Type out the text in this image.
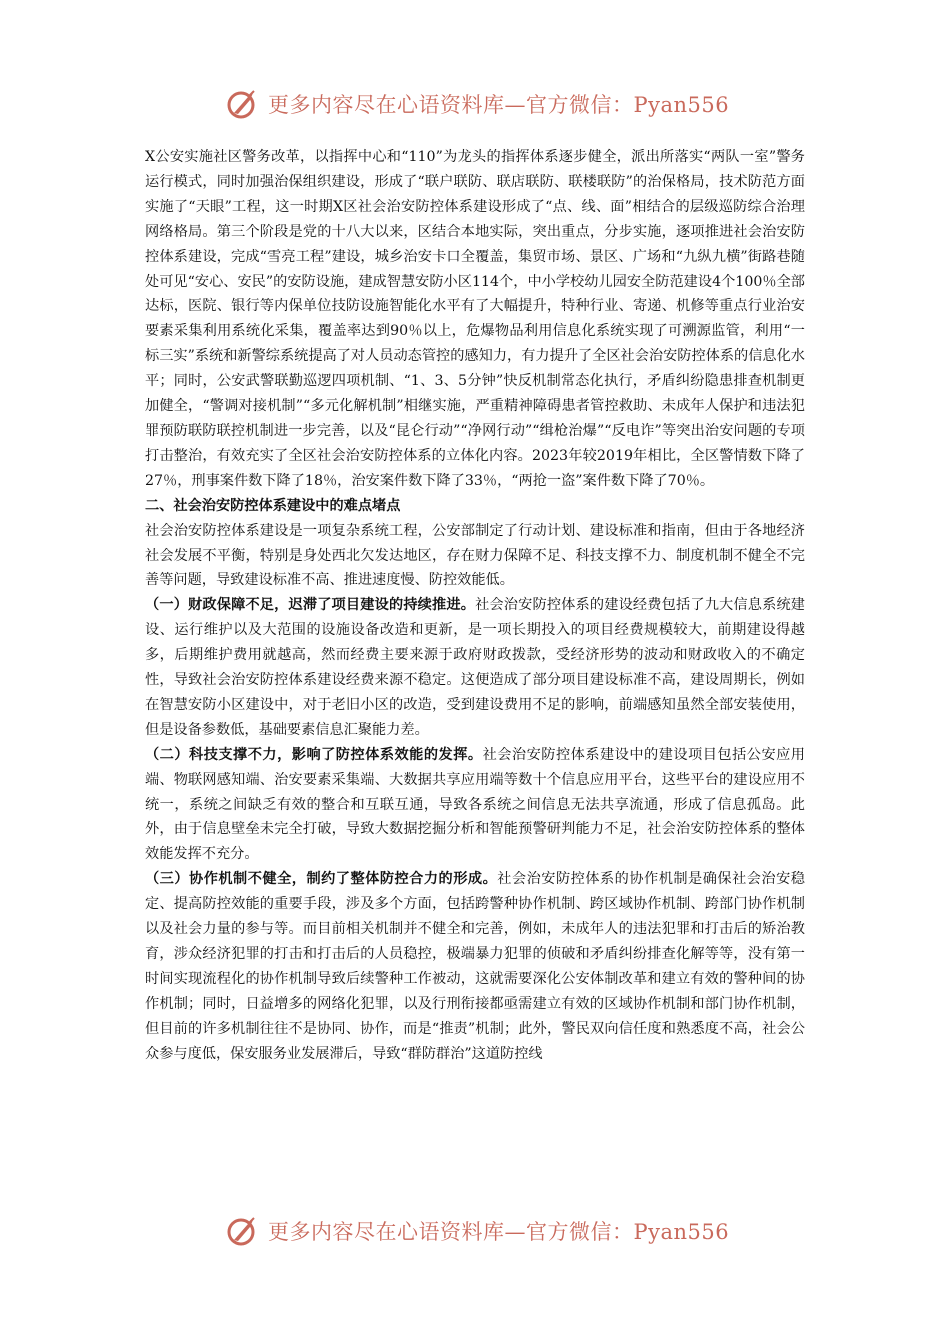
更多内容尽在心语资料库—官方微信：Pyan556

X公安实施社区警务改革，以指挥中心和“110”为龙头的指挥体系逐步健全，派出所落实“两队一室”警务运行模式，同时加强治保组织建设，形成了“联户联防、联店联防、联楼联防”的治保格局，技术防范方面实施了“天眼”工程，这一时期X区社会治安防控体系建设形成了“点、线、面”相结合的层级巡防综合治理网络格局。第三个阶段是党的十八大以来，区结合本地实际，突出重点，分步实施，逐项推进社会治安防控体系建设，完成“雪亮工程”建设，城乡治安卡口全覆盖，集贸市场、景区、广场和“九纵九横”街路巷随处可见“安心、安民”的安防设施，建成智慧安防小区114个，中小学校幼儿园安全防范建设4个100％全部达标，医院、银行等内保单位技防设施智能化水平有了大幅提升，特种行业、寄递、机修等重点行业治安要素采集利用系统化采集，覆盖率达到90％以上，危爆物品利用信息化系统实现了可溯源监管，利用“一标三实”系统和新警综系统提高了对人员动态管控的感知力，有力提升了全区社会治安防控体系的信息化水平；同时，公安武警联勤巡逻四项机制、“1、3、5分钟”快反机制常态化执行，矛盾纠纷隐患排查机制更加健全，“警调对接机制”“多元化解机制”相继实施，严重精神障碍患者管控救助、未成年人保护和违法犯罪预防联防联控机制进一步完善，以及“昆仑行动”“净网行动”“缉枪治爆”“反电诈”等突出治安问题的专项打击整治，有效充实了全区社会治安防控体系的立体化内容。2023年较2019年相比，全区警情数下降了27％，刑事案件数下降了18％，治安案件数下降了33％，“两抢一盗”案件数下降了70％。

二、社会治安防控体系建设中的难点堵点

社会治安防控体系建设是一项复杂系统工程，公安部制定了行动计划、建设标准和指南，但由于各地经济社会发展不平衡，特别是身处西北欠发达地区，存在财力保障不足、科技支撑不力、制度机制不健全不完善等问题，导致建设标准不高、推进速度慢、防控效能低。

（一）财政保障不足，迟滞了项目建设的持续推进。社会治安防控体系的建设经费包括了九大信息系统建设、运行维护以及大范围的设施设备改造和更新，是一项长期投入的项目经费规模较大，前期建设得越多，后期维护费用就越高，然而经费主要来源于政府财政拨款，受经济形势的波动和财政收入的不确定性，导致社会治安防控体系建设经费来源不稳定。这便造成了部分项目建设标准不高，建设周期长，例如在智慧安防小区建设中，对于老旧小区的改造，受到建设费用不足的影响，前端感知虽然全部安装使用，但是设备参数低，基础要素信息汇聚能力差。

（二）科技支撑不力，影响了防控体系效能的发挥。社会治安防控体系建设中的建设项目包括公安应用端、物联网感知端、治安要素采集端、大数据共享应用端等数十个信息应用平台，这些平台的建设应用不统一，系统之间缺乏有效的整合和互联互通，导致各系统之间信息无法共享流通，形成了信息孤岛。此外，由于信息壁垒未完全打破，导致大数据挖掘分析和智能预警研判能力不足，社会治安防控体系的整体效能发挥不充分。

（三）协作机制不健全，制约了整体防控合力的形成。社会治安防控体系的协作机制是确保社会治安稳定、提高防控效能的重要手段，涉及多个方面，包括跨警种协作机制、跨区域协作机制、跨部门协作机制以及社会力量的参与等。而目前相关机制并不健全和完善，例如，未成年人的违法犯罪和打击后的矫治教育，涉众经济犯罪的打击和打击后的人员稳控，极端暴力犯罪的侦破和矛盾纠纷排查化解等等，没有第一时间实现流程化的协作机制导致后续警种工作被动，这就需要深化公安体制改革和建立有效的警种间的协作机制；同时，日益增多的网络化犯罪，以及行刑衔接都亟需建立有效的区域协作机制和部门协作机制，但目前的许多机制往往不是协同、协作，而是“推责”机制；此外，警民双向信任度和熟悉度不高，社会公众参与度低，保安服务业发展滞后，导致“群防群治”这道防控线

更多内容尽在心语资料库—官方微信：Pyan556
